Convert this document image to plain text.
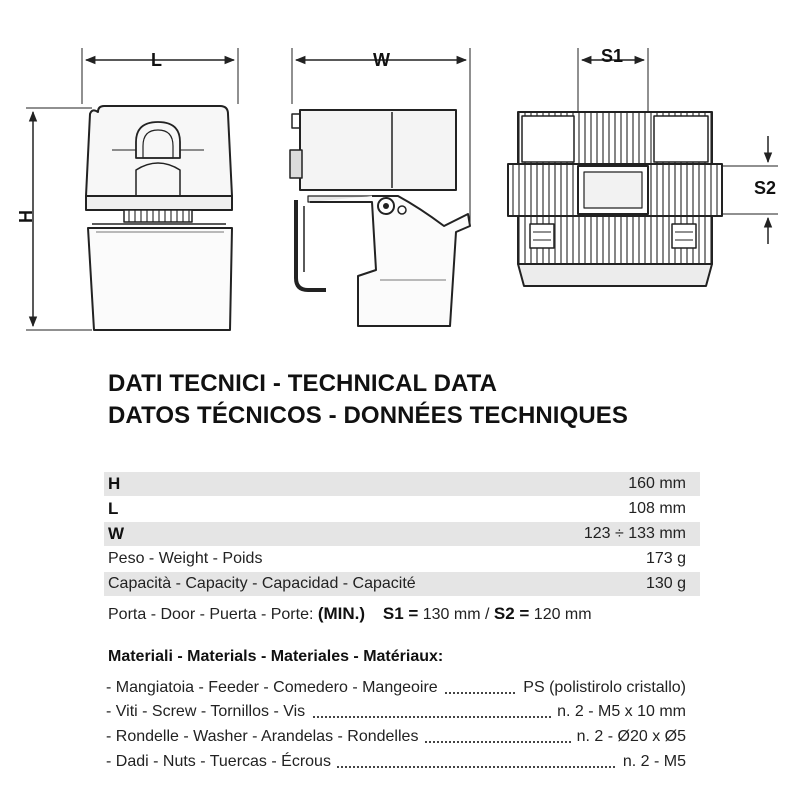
L	W
H
S1
S2
DATI TECNICI - TECHNICAL DATA
DATOS TÉCNICOS - DONNÉES TECHNIQUES
H	160 mm
L	108 mm
W	123 ÷ 133 mm
Peso - Weight - Poids	173 g
Capacità - Capacity - Capacidad - Capacité	130 g
Porta - Door - Puerta - Porte: (MIN.) S1 = 130 mm / S2 = 120 mm
Materiali - Materials - Materiales - Matériaux:
- Mangiatoia - Feeder - Comedero - Mangeoire	PS (polistirolo cristallo)
- Viti - Screw - Tornillos - Vis	n. 2 - M5 x 10 mm
- Rondelle - Washer - Arandelas - Rondelles	n. 2 - Ø20 x Ø5
- Dadi - Nuts - Tuercas - Écrous	n. 2 - M5
